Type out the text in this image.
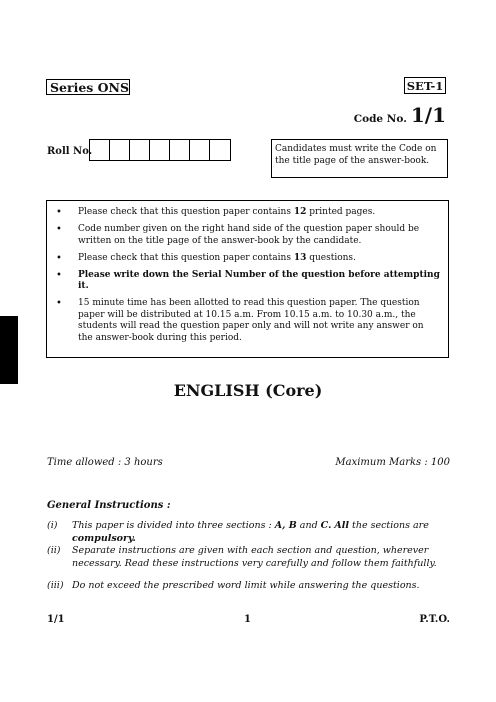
Series ONS	SET-1
Code No. 1/1
Roll No.	Candidates must write the Code on the title page of the answer-book.
• Please check that this question paper contains 12 printed pages.
• Code number given on the right hand side of the question paper should be written on the title page of the answer-book by the candidate.
• Please check that this question paper contains 13 questions.
• Please write down the Serial Number of the question before attempting it.
• 15 minute time has been allotted to read this question paper. The question paper will be distributed at 10.15 a.m. From 10.15 a.m. to 10.30 a.m., the students will read the question paper only and will not write any answer on the answer-book during this period.
ENGLISH (Core)
Time allowed : 3 hours	Maximum Marks : 100
General Instructions :
(i) This paper is divided into three sections : A, B and C. All the sections are compulsory.
(ii) Separate instructions are given with each section and question, wherever necessary. Read these instructions very carefully and follow them faithfully.
(iii) Do not exceed the prescribed word limit while answering the questions.
1/1	1	P.T.O.
